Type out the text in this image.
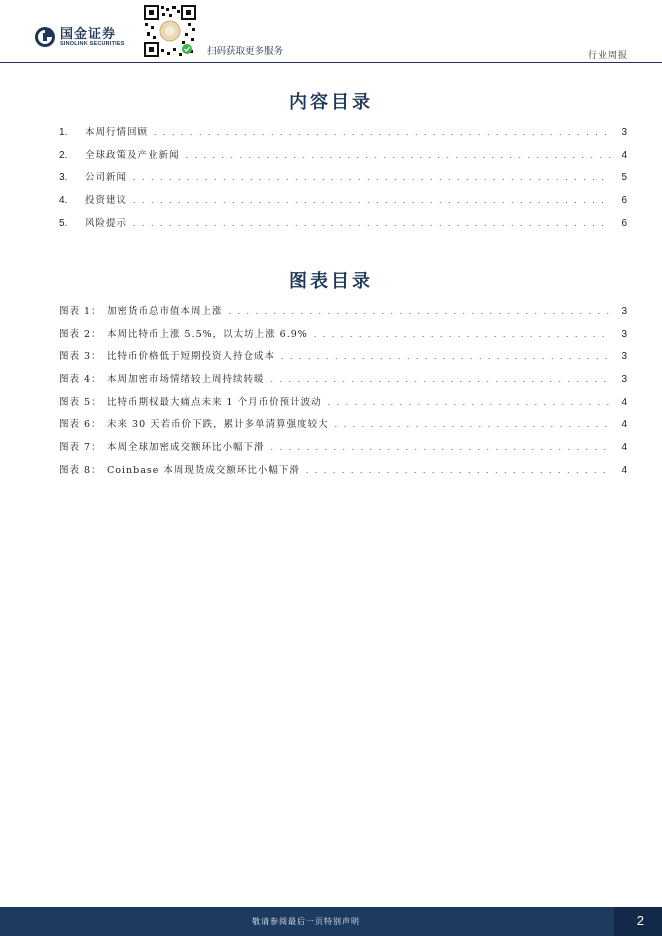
国金证券
SINOLINK SECURITIES
扫码获取更多服务	行业周报
内容目录
1.	本周行情回顾 . . .	3
2.	全球政策及产业新闻 . . .	4
3.	公司新闻 . . .	5
4.	投资建议 . . .	6
5.	风险提示 . . .	6
图表目录
图表 1： 加密货币总市值本周上涨 . . .	3
图表 2： 本周比特币上涨 5.5%，以太坊上涨 6.9% . . .	3
图表 3： 比特币价格低于短期投资人持仓成本 . . .	3
图表 4： 本周加密市场情绪较上周持续转暖 . . .	3
图表 5： 比特币期权最大痛点未来 1 个月币价预计波动 . . .	4
图表 6： 未来 30 天若币价下跌，累计多单清算强度较大 . . .	4
图表 7： 本周全球加密成交额环比小幅下滑 . . .	4
图表 8： Coinbase 本周现货成交额环比小幅下滑 . . .	4
敬请参阅最后一页特别声明	2
